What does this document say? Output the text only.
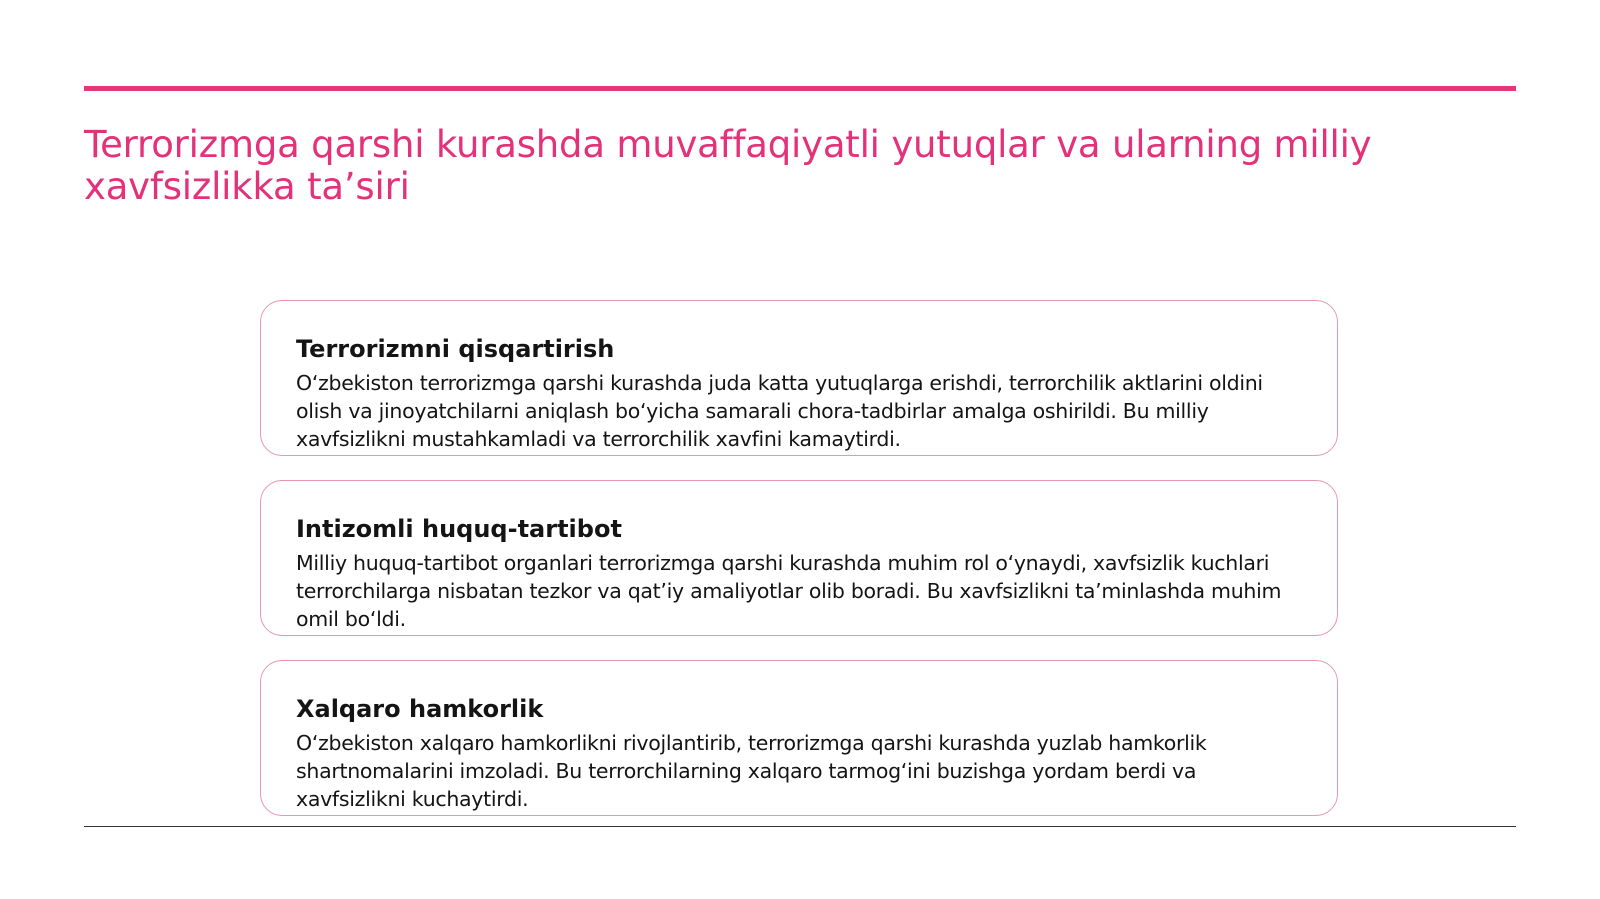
Terrorizmga qarshi kurashda muvaffaqiyatli yutuqlar va ularning milliy xavfsizlikka ta’siri
Terrorizmni qisqartirish

O‘zbekiston terrorizmga qarshi kurashda juda katta yutuqlarga erishdi, terrorchilik aktlarini oldini olish va jinoyatchilarni aniqlash bo‘yicha samarali chora-tadbirlar amalga oshirildi. Bu milliy xavfsizlikni mustahkamladi va terrorchilik xavfini kamaytirdi.

Intizomli huquq-tartibot

Milliy huquq-tartibot organlari terrorizmga qarshi kurashda muhim rol o‘ynaydi, xavfsizlik kuchlari terrorchilarga nisbatan tezkor va qat’iy amaliyotlar olib boradi. Bu xavfsizlikni ta’minlashda muhim omil bo‘ldi.

Xalqaro hamkorlik

O‘zbekiston xalqaro hamkorlikni rivojlantirib, terrorizmga qarshi kurashda yuzlab hamkorlik shartnomalarini imzoladi. Bu terrorchilarning xalqaro tarmog‘ini buzishga yordam berdi va xavfsizlikni kuchaytirdi.
